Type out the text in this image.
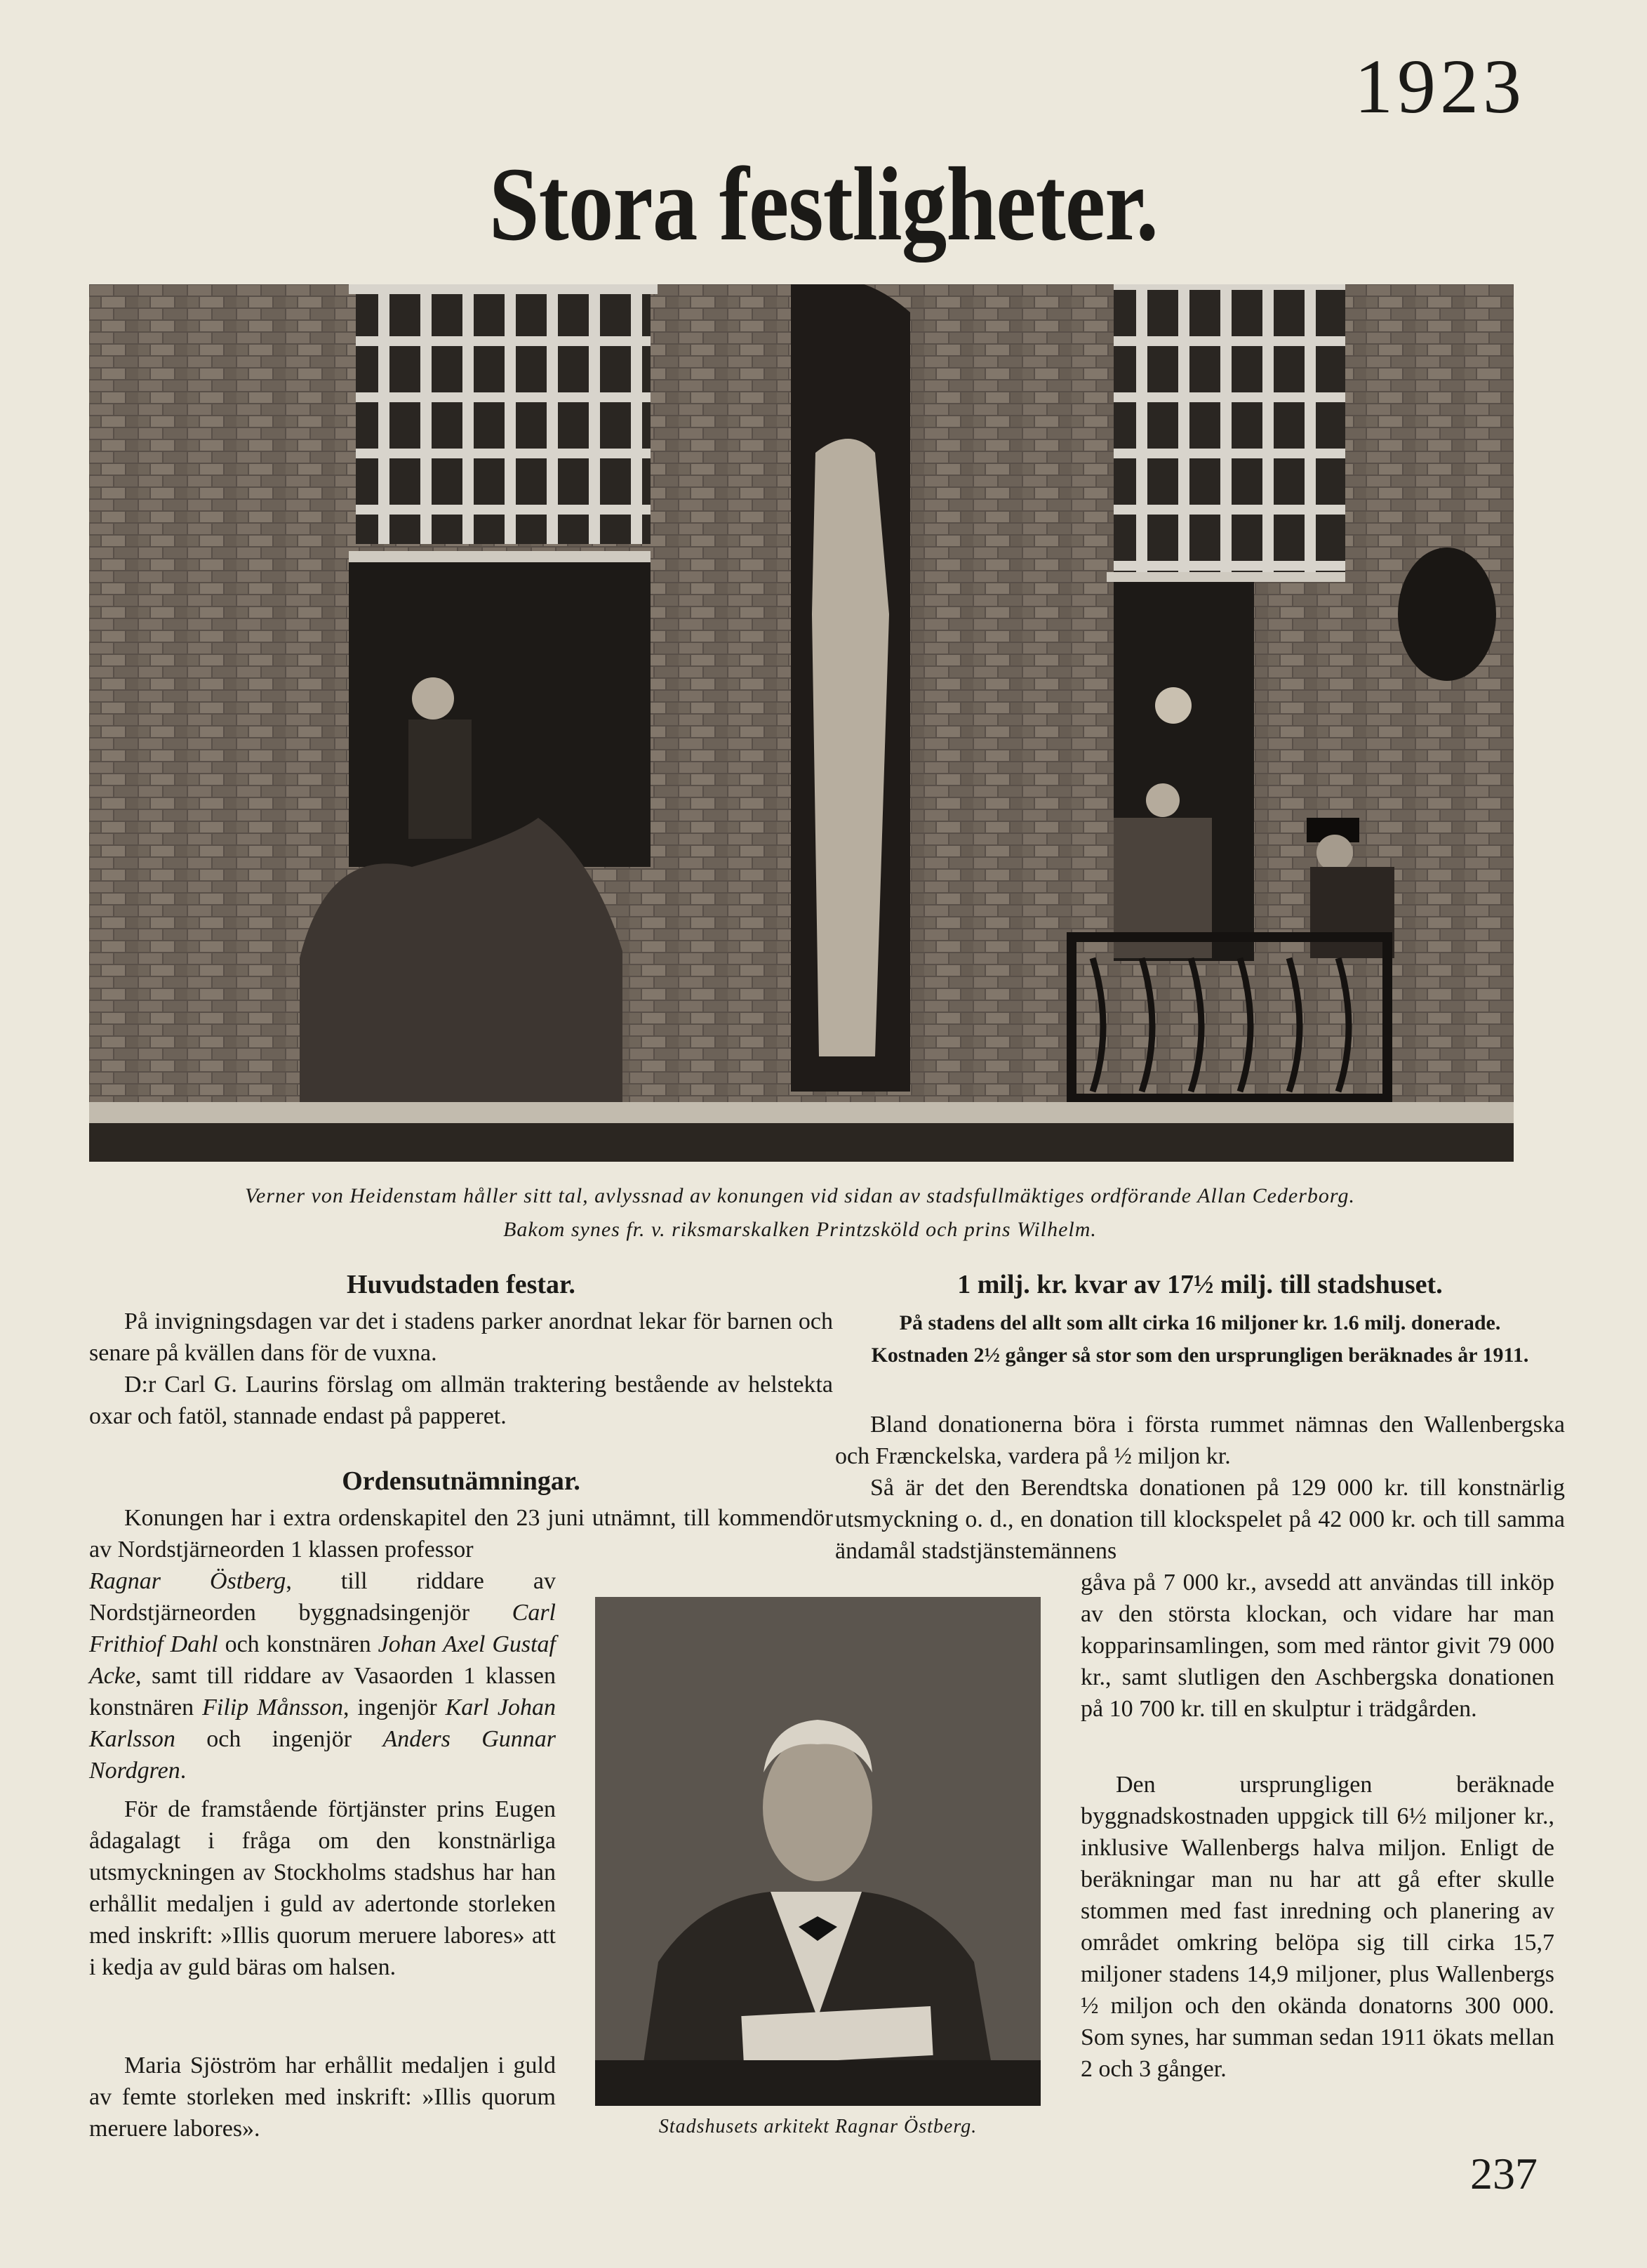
1923
Stora festligheter.
Verner von Heidenstam håller sitt tal, avlyssnad av konungen vid sidan av stadsfullmäktiges ordförande Allan Cederborg.
Bakom synes fr. v. riksmarskalken Printzsköld och prins Wilhelm.
Huvudstaden festar.

På invigningsdagen var det i stadens parker anordnat lekar för barnen och senare på kvällen dans för de vuxna.

D:r Carl G. Laurins förslag om allmän traktering bestående av helstekta oxar och fatöl, stannade endast på papperet.

Ordensutnämningar.

Konungen har i extra ordenskapitel den 23 juni utnämnt, till kommendör av Nordstjärneorden 1 klassen professor

Ragnar Östberg, till riddare av Nordstjärneorden byggnadsingenjör Carl Frithiof Dahl och konstnären Johan Axel Gustaf Acke, samt till riddare av Vasaorden 1 klassen konstnären Filip Månsson, ingenjör Karl Johan Karlsson och ingenjör Anders Gunnar Nordgren.

För de framstående förtjänster prins Eugen ådagalagt i fråga om den konstnärliga utsmyckningen av Stockholms stadshus har han erhållit medaljen i guld av adertonde storleken med inskrift: »Illis quorum meruere labores» att i kedja av guld bäras om halsen.

Maria Sjöström har erhållit medaljen i guld av femte storleken med inskrift: »Illis quorum meruere labores».	Stadshusets arkitekt Ragnar Östberg.
1 milj. kr. kvar av 17½ milj. till stadshuset.
På stadens del allt som allt cirka 16 miljoner kr. 1.6 milj. donerade.
Kostnaden 2½ gånger så stor som den ursprungligen beräknades år 1911.

Bland donationerna böra i första rummet nämnas den Wallenbergska och Frænckelska, vardera på ½ miljon kr.

Så är det den Berendtska donationen på 129 000 kr. till konstnärlig utsmyckning o. d., en donation till klockspelet på 42 000 kr. och till samma ändamål stadstjänstemännens

gåva på 7 000 kr., avsedd att användas till inköp av den största klockan, och vidare har man kopparinsamlingen, som med räntor givit 79 000 kr., samt slutligen den Aschbergska donationen på 10 700 kr. till en skulptur i trädgården.

Den ursprungligen beräknade byggnadskostnaden uppgick till 6½ miljoner kr., inklusive Wallenbergs halva miljon. Enligt de beräkningar man nu har att gå efter skulle stommen med fast inredning och planering av området omkring belöpa sig till cirka 15,7 miljoner stadens 14,9 miljoner, plus Wallenbergs ½ miljon och den okända donatorns 300 000. Som synes, har summan sedan 1911 ökats mellan 2 och 3 gånger.

237
